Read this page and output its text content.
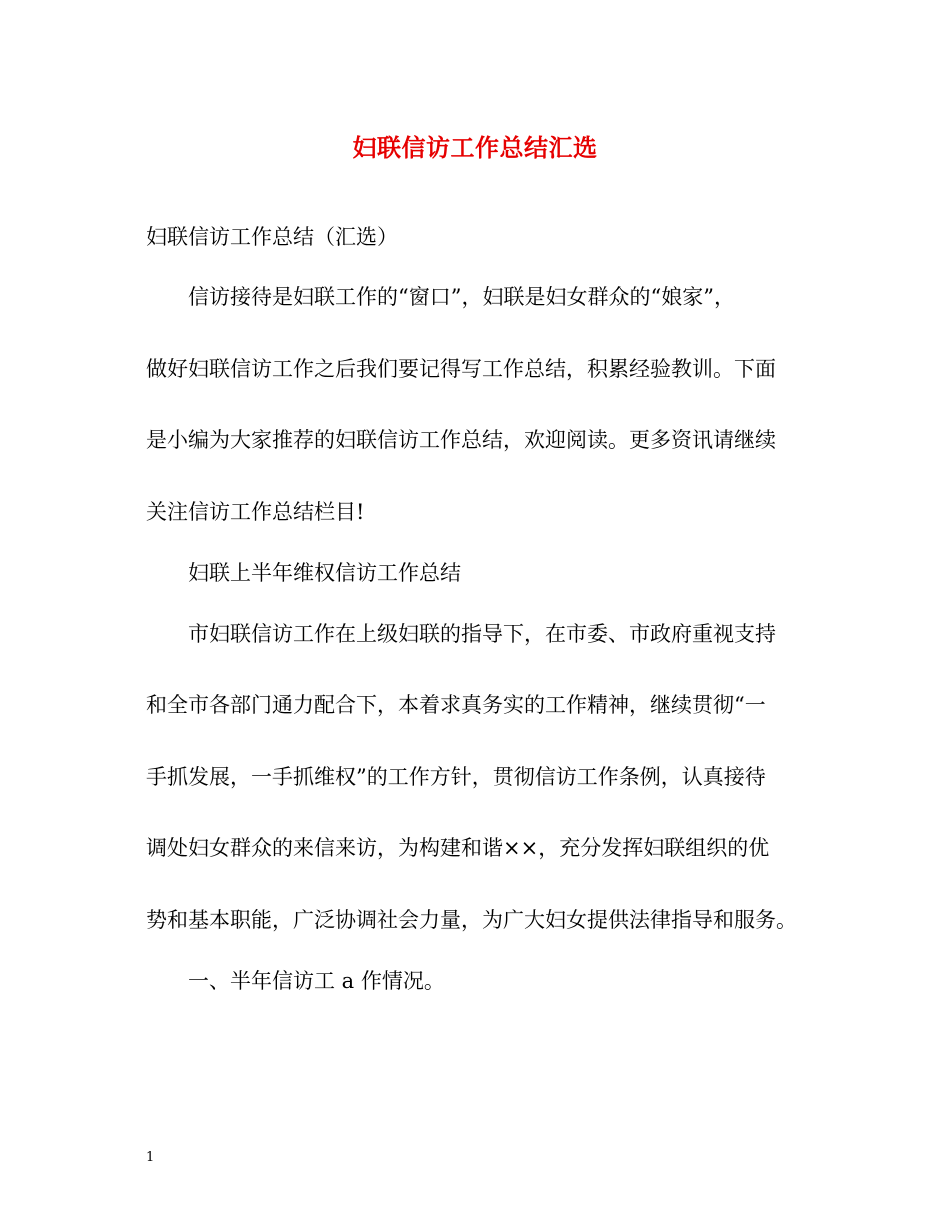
妇联信访工作总结汇选
妇联信访工作总结（汇选）
信访接待是妇联工作的“窗口”，妇联是妇女群众的“娘家”，
做好妇联信访工作之后我们要记得写工作总结，积累经验教训。下面
是小编为大家推荐的妇联信访工作总结，欢迎阅读。更多资讯请继续
关注信访工作总结栏目!
妇联上半年维权信访工作总结
市妇联信访工作在上级妇联的指导下，在市委、市政府重视支持
和全市各部门通力配合下，本着求真务实的工作精神，继续贯彻“一
手抓发展，一手抓维权”的工作方针，贯彻信访工作条例，认真接待
调处妇女群众的来信来访，为构建和谐××，充分发挥妇联组织的优
势和基本职能，广泛协调社会力量，为广大妇女提供法律指导和服务。
一、半年信访工 a 作情况。
1
